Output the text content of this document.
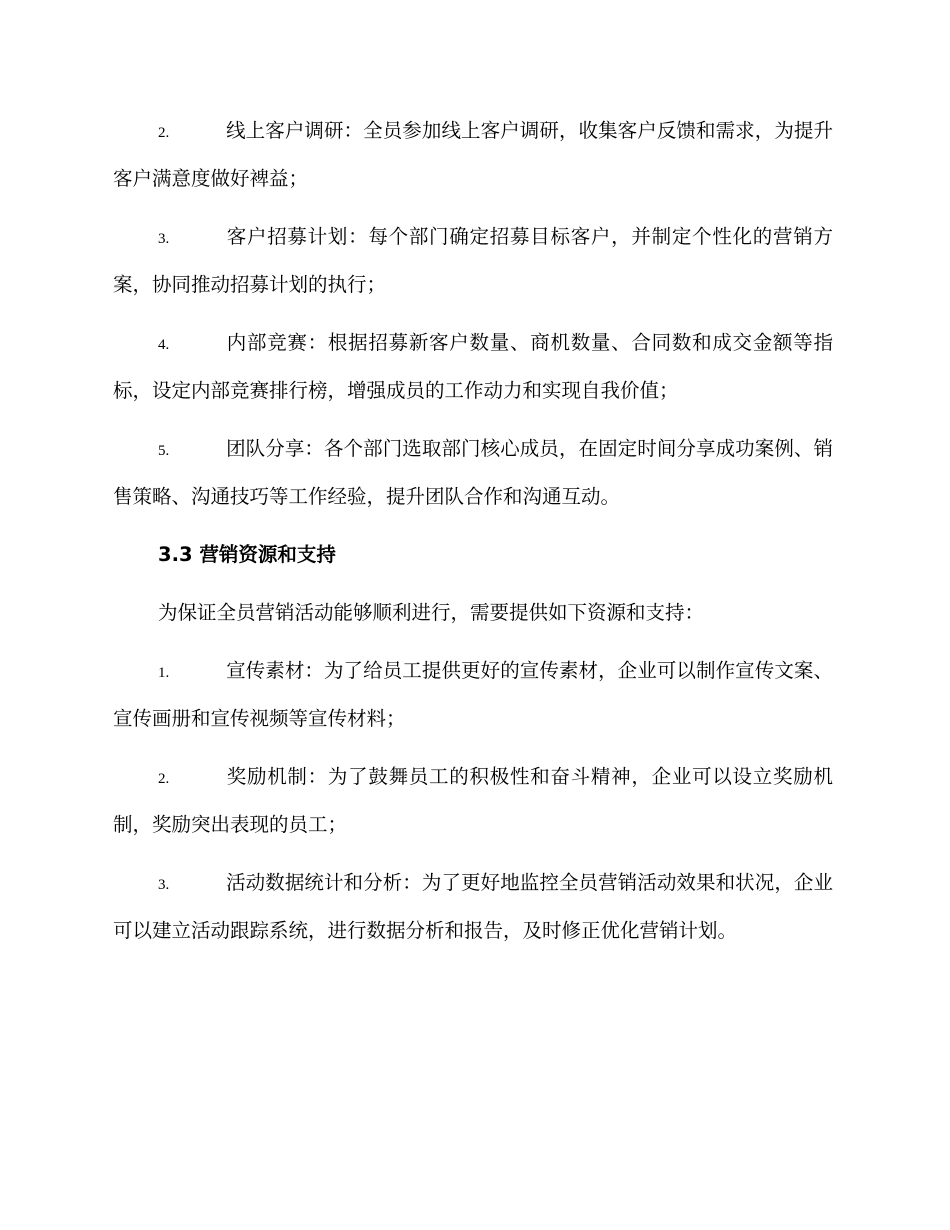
2.	线上客户调研：全员参加线上客户调研，收集客户反馈和需求，为提升客户满意度做好裨益；

3.	客户招募计划：每个部门确定招募目标客户，并制定个性化的营销方案，协同推动招募计划的执行；

4.	内部竞赛：根据招募新客户数量、商机数量、合同数和成交金额等指标，设定内部竞赛排行榜，增强成员的工作动力和实现自我价值；

5.	团队分享：各个部门选取部门核心成员，在固定时间分享成功案例、销售策略、沟通技巧等工作经验，提升团队合作和沟通互动。

3.3 营销资源和支持

为保证全员营销活动能够顺利进行，需要提供如下资源和支持：

1.	宣传素材：为了给员工提供更好的宣传素材，企业可以制作宣传文案、宣传画册和宣传视频等宣传材料；

2.	奖励机制：为了鼓舞员工的积极性和奋斗精神，企业可以设立奖励机制，奖励突出表现的员工；

3.	活动数据统计和分析：为了更好地监控全员营销活动效果和状况，企业可以建立活动跟踪系统，进行数据分析和报告，及时修正优化营销计划。
